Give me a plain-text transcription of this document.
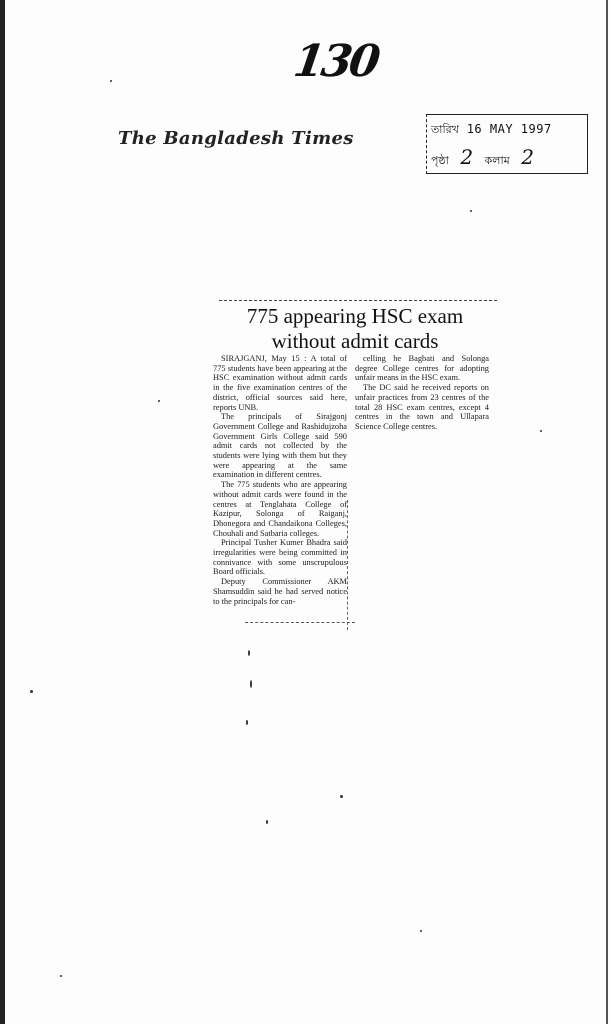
130
The Bangladesh Times	তারিখ 16 MAY 1997
পৃষ্ঠা 2 কলাম 2
775 appearing HSC exam
without admit cards

SIRAJGANJ, May 15 : A total of 775 students have been appearing at the HSC examination without admit cards in the five examination centres of the district, official sources said here, reports UNB.

The principals of Sirajgonj Government College and Rashidujzoha Government Girls College said 590 admit cards not collected by the students were lying with them but they were appearing at the same examination in different centres.

The 775 students who are appearing without admit cards were found in the centres at Tenglahata College of Kazipur, Solonga of Raiganj, Dhonegora and Chandaikona Colleges, Chouhali and Satbaria colleges.

Principal Tusher Kumer Bhadra said irregularities were being committed in connivance with some unscrupulous Board officials.

Deputy Commissioner AKM Shamsuddin said he had served notice to the principals for can-

celling he Bagbati and Solonga degree College centres for adopting unfair means in the HSC exam.

The DC said he received reports on unfair practices from 23 centres of the total 28 HSC exam centres, except 4 centres in the town and Ullapara Science College centres.
